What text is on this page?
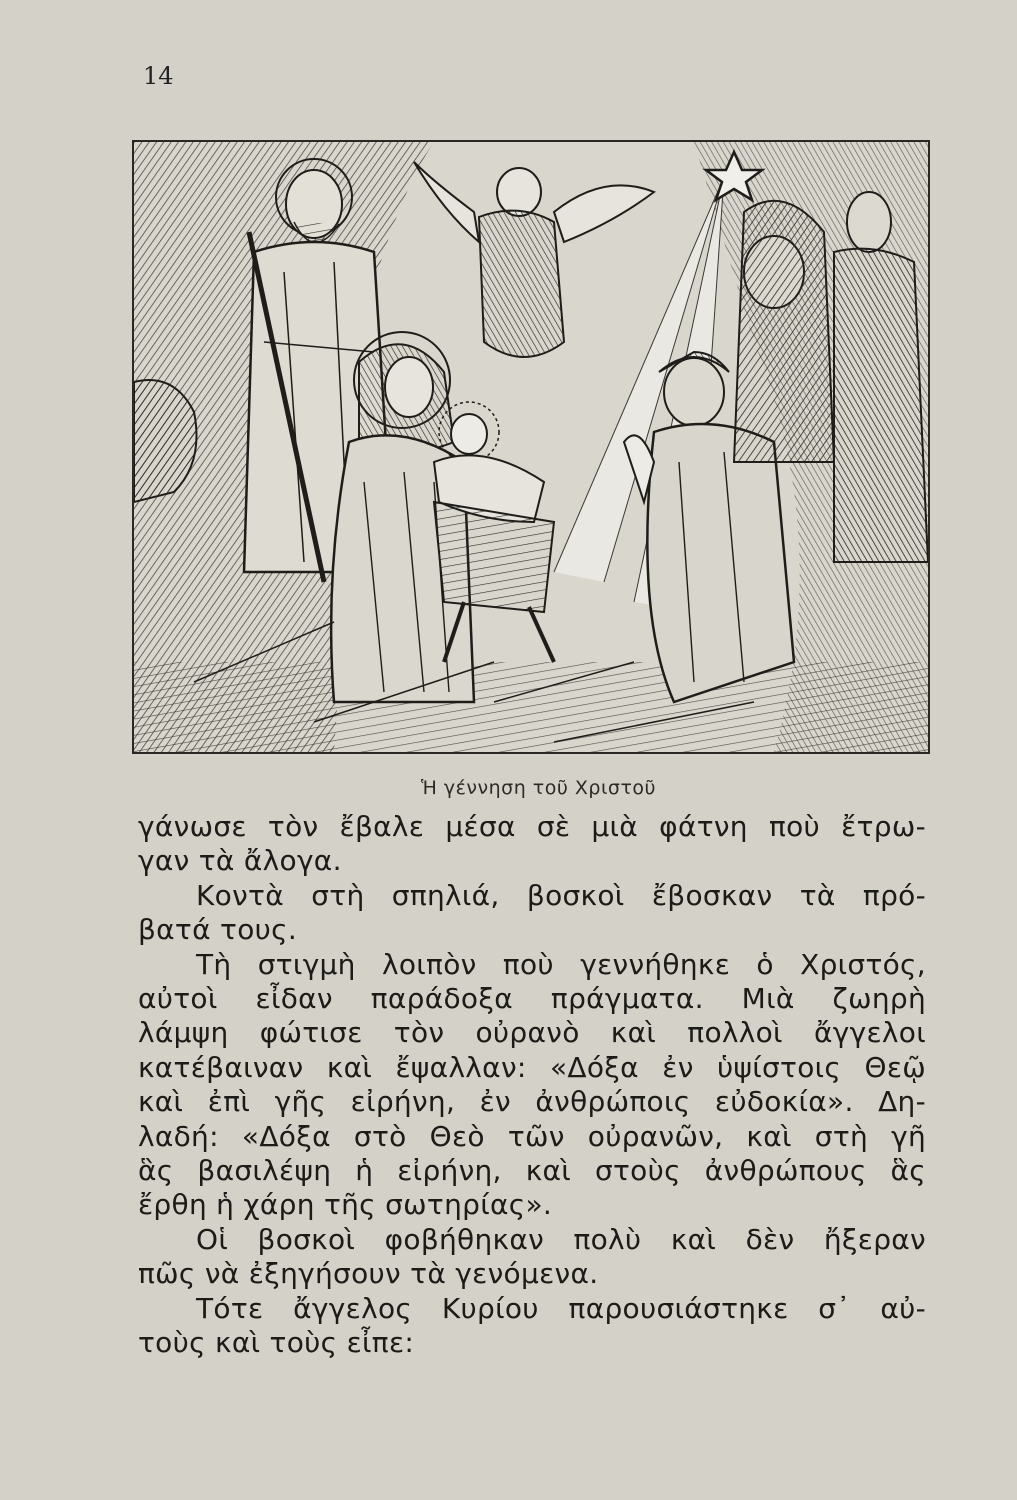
14
Ἡ γέννηση τοῦ Χριστοῦ
γάνωσε τὸν ἔβαλε μέσα σὲ μιὰ φάτνη ποὺ ἔτρω-
γαν τὰ ἄλογα.
Κοντὰ στὴ σπηλιά, βοσκοὶ ἔβοσκαν τὰ πρό-
βατά τους.
Τὴ στιγμὴ λοιπὸν ποὺ γεννήθηκε ὁ Χριστός,
αὐτοὶ εἶδαν παράδοξα πράγματα. Μιὰ ζωηρὴ
λάμψη φώτισε τὸν οὐρανὸ καὶ πολλοὶ ἄγγελοι
κατέβαιναν καὶ ἔψαλλαν: «Δόξα ἐν ὑψίστοις Θεῷ
καὶ ἐπὶ γῆς εἰρήνη, ἐν ἀνθρώποις εὐδοκία». Δη-
λαδή: «Δόξα στὸ Θεὸ τῶν οὐρανῶν, καὶ στὴ γῆ
ἃς βασιλέψη ἡ εἰρήνη, καὶ στοὺς ἀνθρώπους ἃς
ἔρθη ἡ χάρη τῆς σωτηρίας».
Οἱ βοσκοὶ φοβήθηκαν πολὺ καὶ δὲν ἤξεραν
πῶς νὰ ἐξηγήσουν τὰ γενόμενα.
Τότε ἄγγελος Κυρίου παρουσιάστηκε σ᾿ αὐ-
τοὺς καὶ τοὺς εἶπε:
